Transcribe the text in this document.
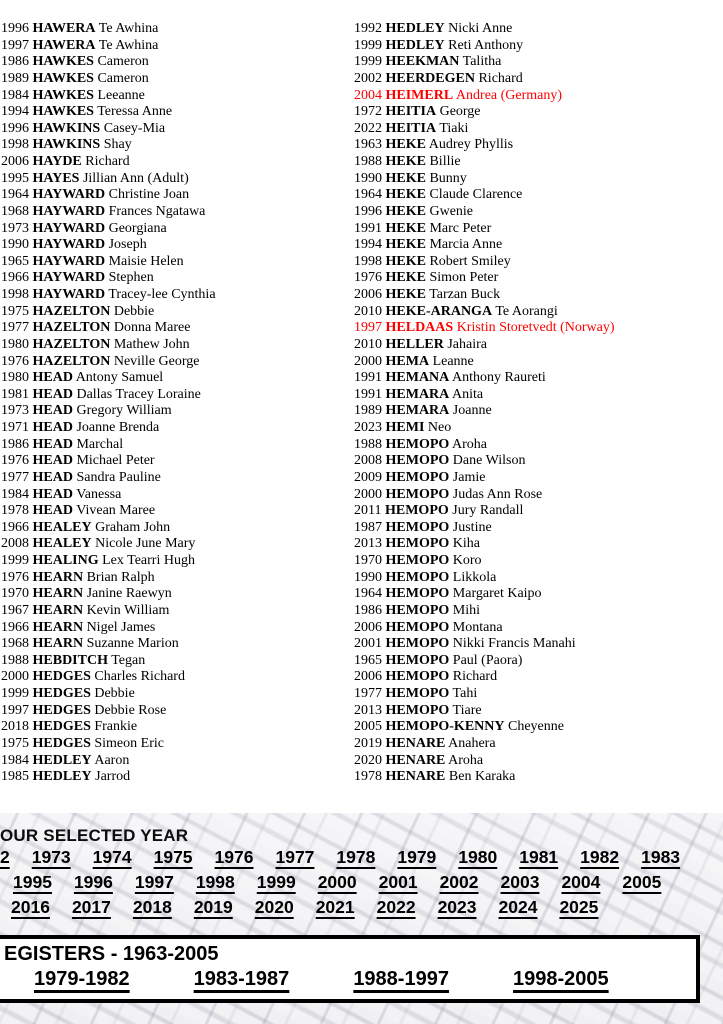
1996 HAWERA Te Awhina
1997 HAWERA Te Awhina
1986 HAWKES Cameron
1989 HAWKES Cameron
1984 HAWKES Leeanne
1994 HAWKES Teressa Anne
1996 HAWKINS Casey-Mia
1998 HAWKINS Shay
2006 HAYDE Richard
1995 HAYES Jillian Ann (Adult)
1964 HAYWARD Christine Joan
1968 HAYWARD Frances Ngatawa
1973 HAYWARD Georgiana
1990 HAYWARD Joseph
1965 HAYWARD Maisie Helen
1966 HAYWARD Stephen
1998 HAYWARD Tracey-lee Cynthia
1975 HAZELTON Debbie
1977 HAZELTON Donna Maree
1980 HAZELTON Mathew John
1976 HAZELTON Neville George
1980 HEAD Antony Samuel
1981 HEAD Dallas Tracey Loraine
1973 HEAD Gregory William
1971 HEAD Joanne Brenda
1986 HEAD Marchal
1976 HEAD Michael Peter
1977 HEAD Sandra Pauline
1984 HEAD Vanessa
1978 HEAD Vivean Maree
1966 HEALEY Graham John
2008 HEALEY Nicole June Mary
1999 HEALING Lex Tearri Hugh
1976 HEARN Brian Ralph
1970 HEARN Janine Raewyn
1967 HEARN Kevin William
1966 HEARN Nigel James
1968 HEARN Suzanne Marion
1988 HEBDITCH Tegan
2000 HEDGES Charles Richard
1999 HEDGES Debbie
1997 HEDGES Debbie Rose
2018 HEDGES Frankie
1975 HEDGES Simeon Eric
1984 HEDLEY Aaron
1985 HEDLEY Jarrod
1992 HEDLEY Nicki Anne
1999 HEDLEY Reti Anthony
1999 HEEKMAN Talitha
2002 HEERDEGEN Richard
2004 HEIMERL Andrea (Germany)
1972 HEITIA George
2022 HEITIA Tiaki
1963 HEKE Audrey Phyllis
1988 HEKE Billie
1990 HEKE Bunny
1964 HEKE Claude Clarence
1996 HEKE Gwenie
1991 HEKE Marc Peter
1994 HEKE Marcia Anne
1998 HEKE Robert Smiley
1976 HEKE Simon Peter
2006 HEKE Tarzan Buck
2010 HEKE-ARANGA Te Aorangi
1997 HELDAAS Kristin Storetvedt (Norway)
2010 HELLER Jahaira
2000 HEMA Leanne
1991 HEMANA Anthony Raureti
1991 HEMARA Anita
1989 HEMARA Joanne
2023 HEMI Neo
1988 HEMOPO Aroha
2008 HEMOPO Dane Wilson
2009 HEMOPO Jamie
2000 HEMOPO Judas Ann Rose
2011 HEMOPO Jury Randall
1987 HEMOPO Justine
2013 HEMOPO Kiha
1970 HEMOPO Koro
1990 HEMOPO Likkola
1964 HEMOPO Margaret Kaipo
1986 HEMOPO Mihi
2006 HEMOPO Montana
2001 HEMOPO Nikki Francis Manahi
1965 HEMOPO Paul (Paora)
2006 HEMOPO Richard
1977 HEMOPO Tahi
2013 HEMOPO Tiare
2005 HEMOPO-KENNY Cheyenne
2019 HENARE Anahera
2020 HENARE Aroha
1978 HENARE Ben Karaka
OUR SELECTED YEAR
2 1973 1974 1975 1976 1977 1978 1979 1980 1981 1982 1983
1995 1996 1997 1998 1999 2000 2001 2002 2003 2004 2005
2016 2017 2018 2019 2020 2021 2022 2023 2024 2025
EGISTERS - 1963-2005
1979-1982	1983-1987	1988-1997	1998-2005
